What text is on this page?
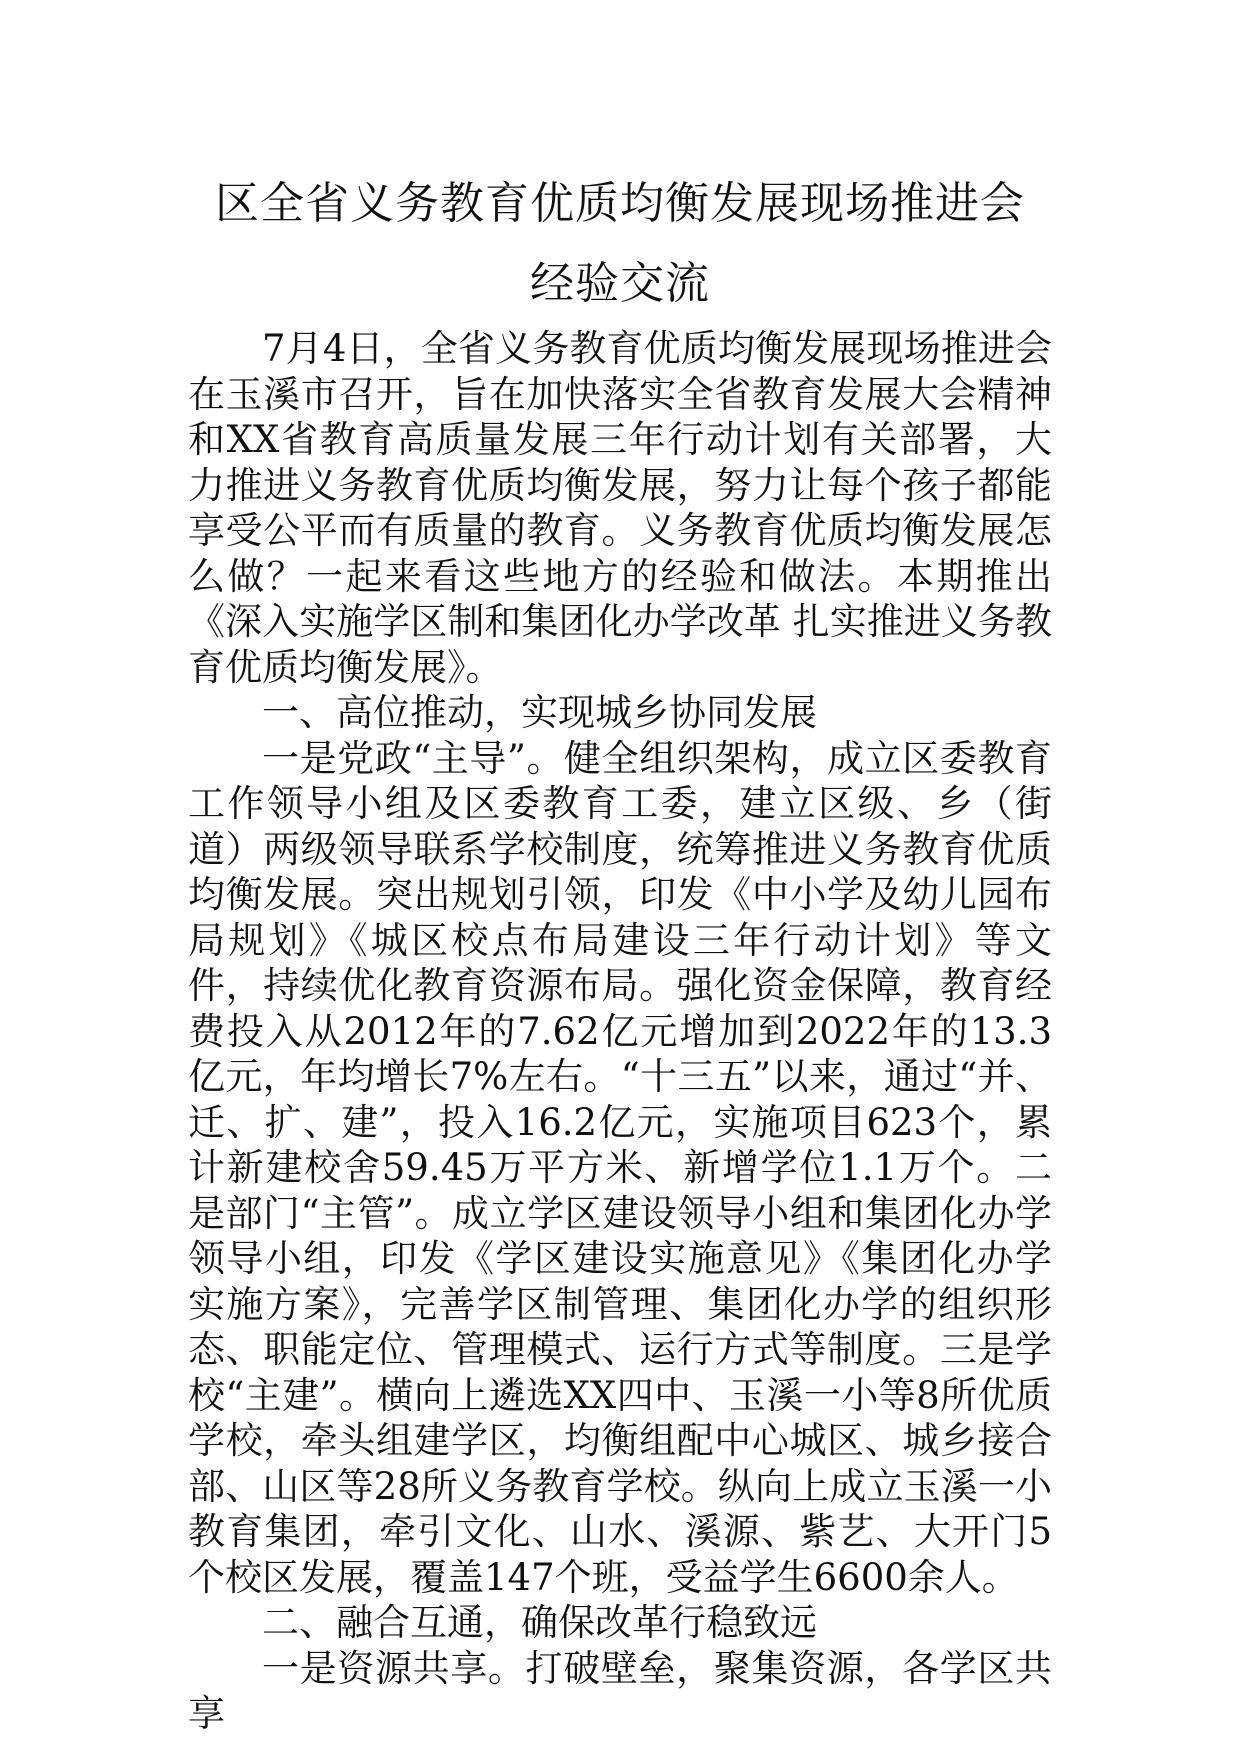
区全省义务教育优质均衡发展现场推进会
经验交流

7月4日，全省义务教育优质均衡发展现场推进会在玉溪市召开，旨在加快落实全省教育发展大会精神和XX省教育高质量发展三年行动计划有关部署，大力推进义务教育优质均衡发展，努力让每个孩子都能享受公平而有质量的教育。义务教育优质均衡发展怎么做？一起来看这些地方的经验和做法。本期推出《深入实施学区制和集团化办学改革 扎实推进义务教育优质均衡发展》。

一、高位推动，实现城乡协同发展

一是党政“主导”。健全组织架构，成立区委教育工作领导小组及区委教育工委，建立区级、乡（街道）两级领导联系学校制度，统筹推进义务教育优质均衡发展。突出规划引领，印发《中小学及幼儿园布局规划》《城区校点布局建设三年行动计划》等文件，持续优化教育资源布局。强化资金保障，教育经费投入从2012年的7.62亿元增加到2022年的13.3亿元，年均增长7%左右。“十三五”以来，通过“并、迁、扩、建”，投入16.2亿元，实施项目623个，累计新建校舍59.45万平方米、新增学位1.1万个。二是部门“主管”。成立学区建设领导小组和集团化办学领导小组，印发《学区建设实施意见》《集团化办学实施方案》，完善学区制管理、集团化办学的组织形态、职能定位、管理模式、运行方式等制度。三是学校“主建”。横向上遴选XX四中、玉溪一小等8所优质学校，牵头组建学区，均衡组配中心城区、城乡接合部、山区等28所义务教育学校。纵向上成立玉溪一小教育集团，牵引文化、山水、溪源、紫艺、大开门5个校区发展，覆盖147个班，受益学生6600余人。

二、融合互通，确保改革行稳致远

一是资源共享。打破壁垒，聚集资源，各学区共享
